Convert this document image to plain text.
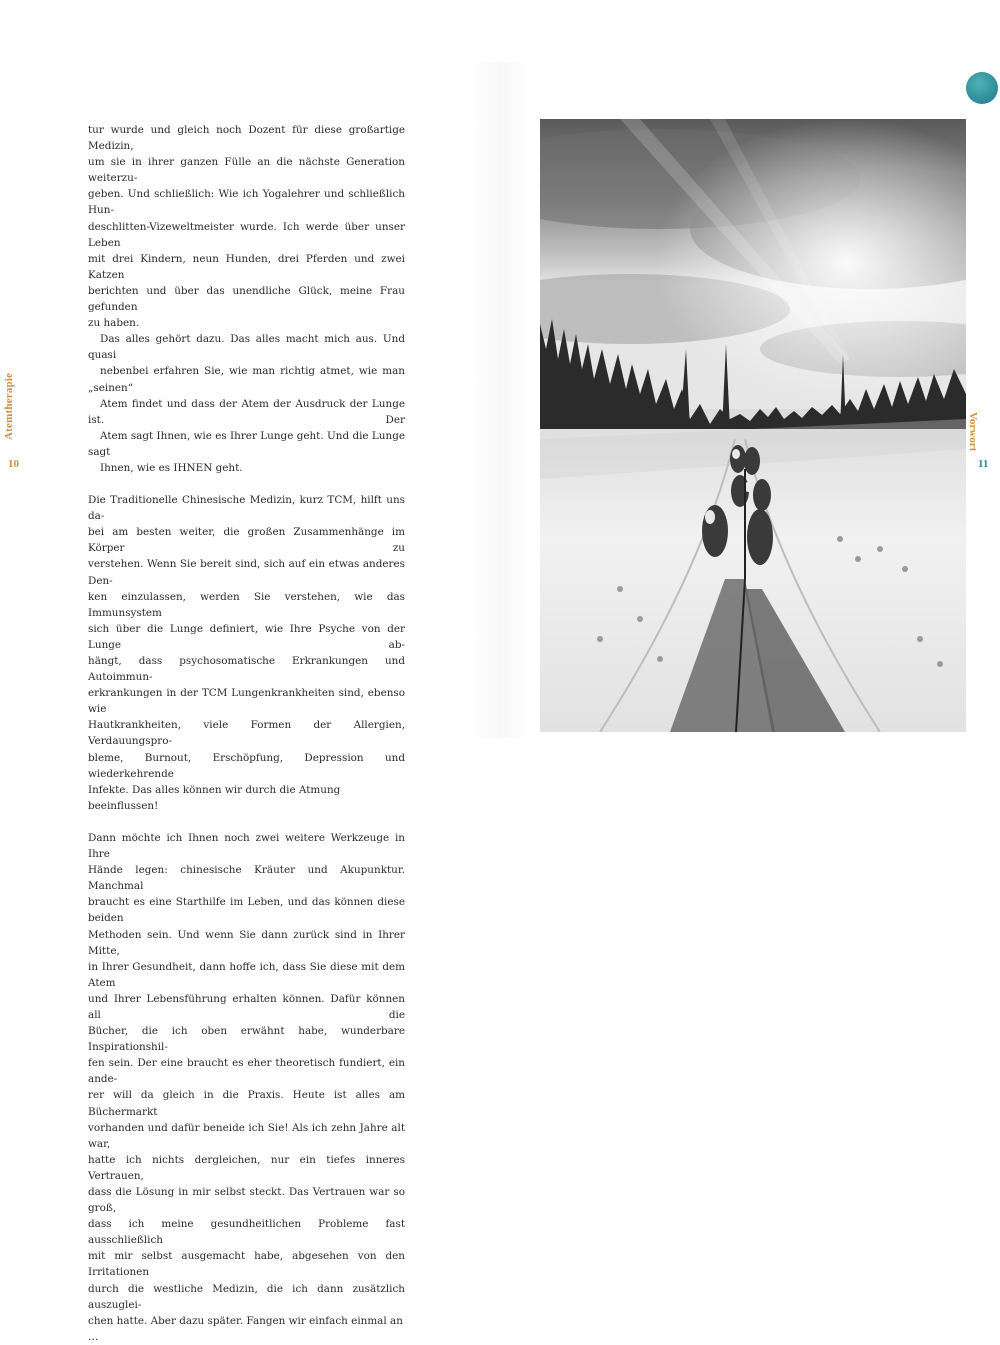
tur wurde und gleich noch Dozent für diese großartige Medizin,
um sie in ihrer ganzen Fülle an die nächste Generation weiterzu-
geben. Und schließlich: Wie ich Yogalehrer und schließlich Hun-
deschlitten-Vizeweltmeister wurde. Ich werde über unser Leben
mit drei Kindern, neun Hunden, drei Pferden und zwei Katzen
berichten und über das unendliche Glück, meine Frau gefunden
zu haben.

Das alles gehört dazu. Das alles macht mich aus. Und quasi
nebenbei erfahren Sie, wie man richtig atmet, wie man „seinen“
Atem findet und dass der Atem der Ausdruck der Lunge ist. Der
Atem sagt Ihnen, wie es Ihrer Lunge geht. Und die Lunge sagt
Ihnen, wie es IHNEN geht.

Die Traditionelle Chinesische Medizin, kurz TCM, hilft uns da-
bei am besten weiter, die großen Zusammenhänge im Körper zu
verstehen. Wenn Sie bereit sind, sich auf ein etwas anderes Den-
ken einzulassen, werden Sie verstehen, wie das Immunsystem
sich über die Lunge definiert, wie Ihre Psyche von der Lunge ab-
hängt, dass psychosomatische Erkrankungen und Autoimmun-
erkrankungen in der TCM Lungenkrankheiten sind, ebenso wie
Hautkrankheiten, viele Formen der Allergien, Verdauungspro-
bleme, Burnout, Erschöpfung, Depression und wiederkehrende
Infekte. Das alles können wir durch die Atmung beeinflussen!

Dann möchte ich Ihnen noch zwei weitere Werkzeuge in Ihre
Hände legen: chinesische Kräuter und Akupunktur. Manchmal
braucht es eine Starthilfe im Leben, und das können diese beiden
Methoden sein. Und wenn Sie dann zurück sind in Ihrer Mitte,
in Ihrer Gesundheit, dann hoffe ich, dass Sie diese mit dem Atem
und Ihrer Lebensführung erhalten können. Dafür können all die
Bücher, die ich oben erwähnt habe, wunderbare Inspirationshil-
fen sein. Der eine braucht es eher theoretisch fundiert, ein ande-
rer will da gleich in die Praxis. Heute ist alles am Büchermarkt
vorhanden und dafür beneide ich Sie! Als ich zehn Jahre alt war,
hatte ich nichts dergleichen, nur ein tiefes inneres Vertrauen,
dass die Lösung in mir selbst steckt. Das Vertrauen war so groß,
dass ich meine gesundheitlichen Probleme fast ausschließlich
mit mir selbst ausgemacht habe, abgesehen von den Irritationen
durch die westliche Medizin, die ich dann zusätzlich auszuglei-
chen hatte. Aber dazu später. Fangen wir einfach einmal an …

Atemtherapie
10
Vorwort
11
